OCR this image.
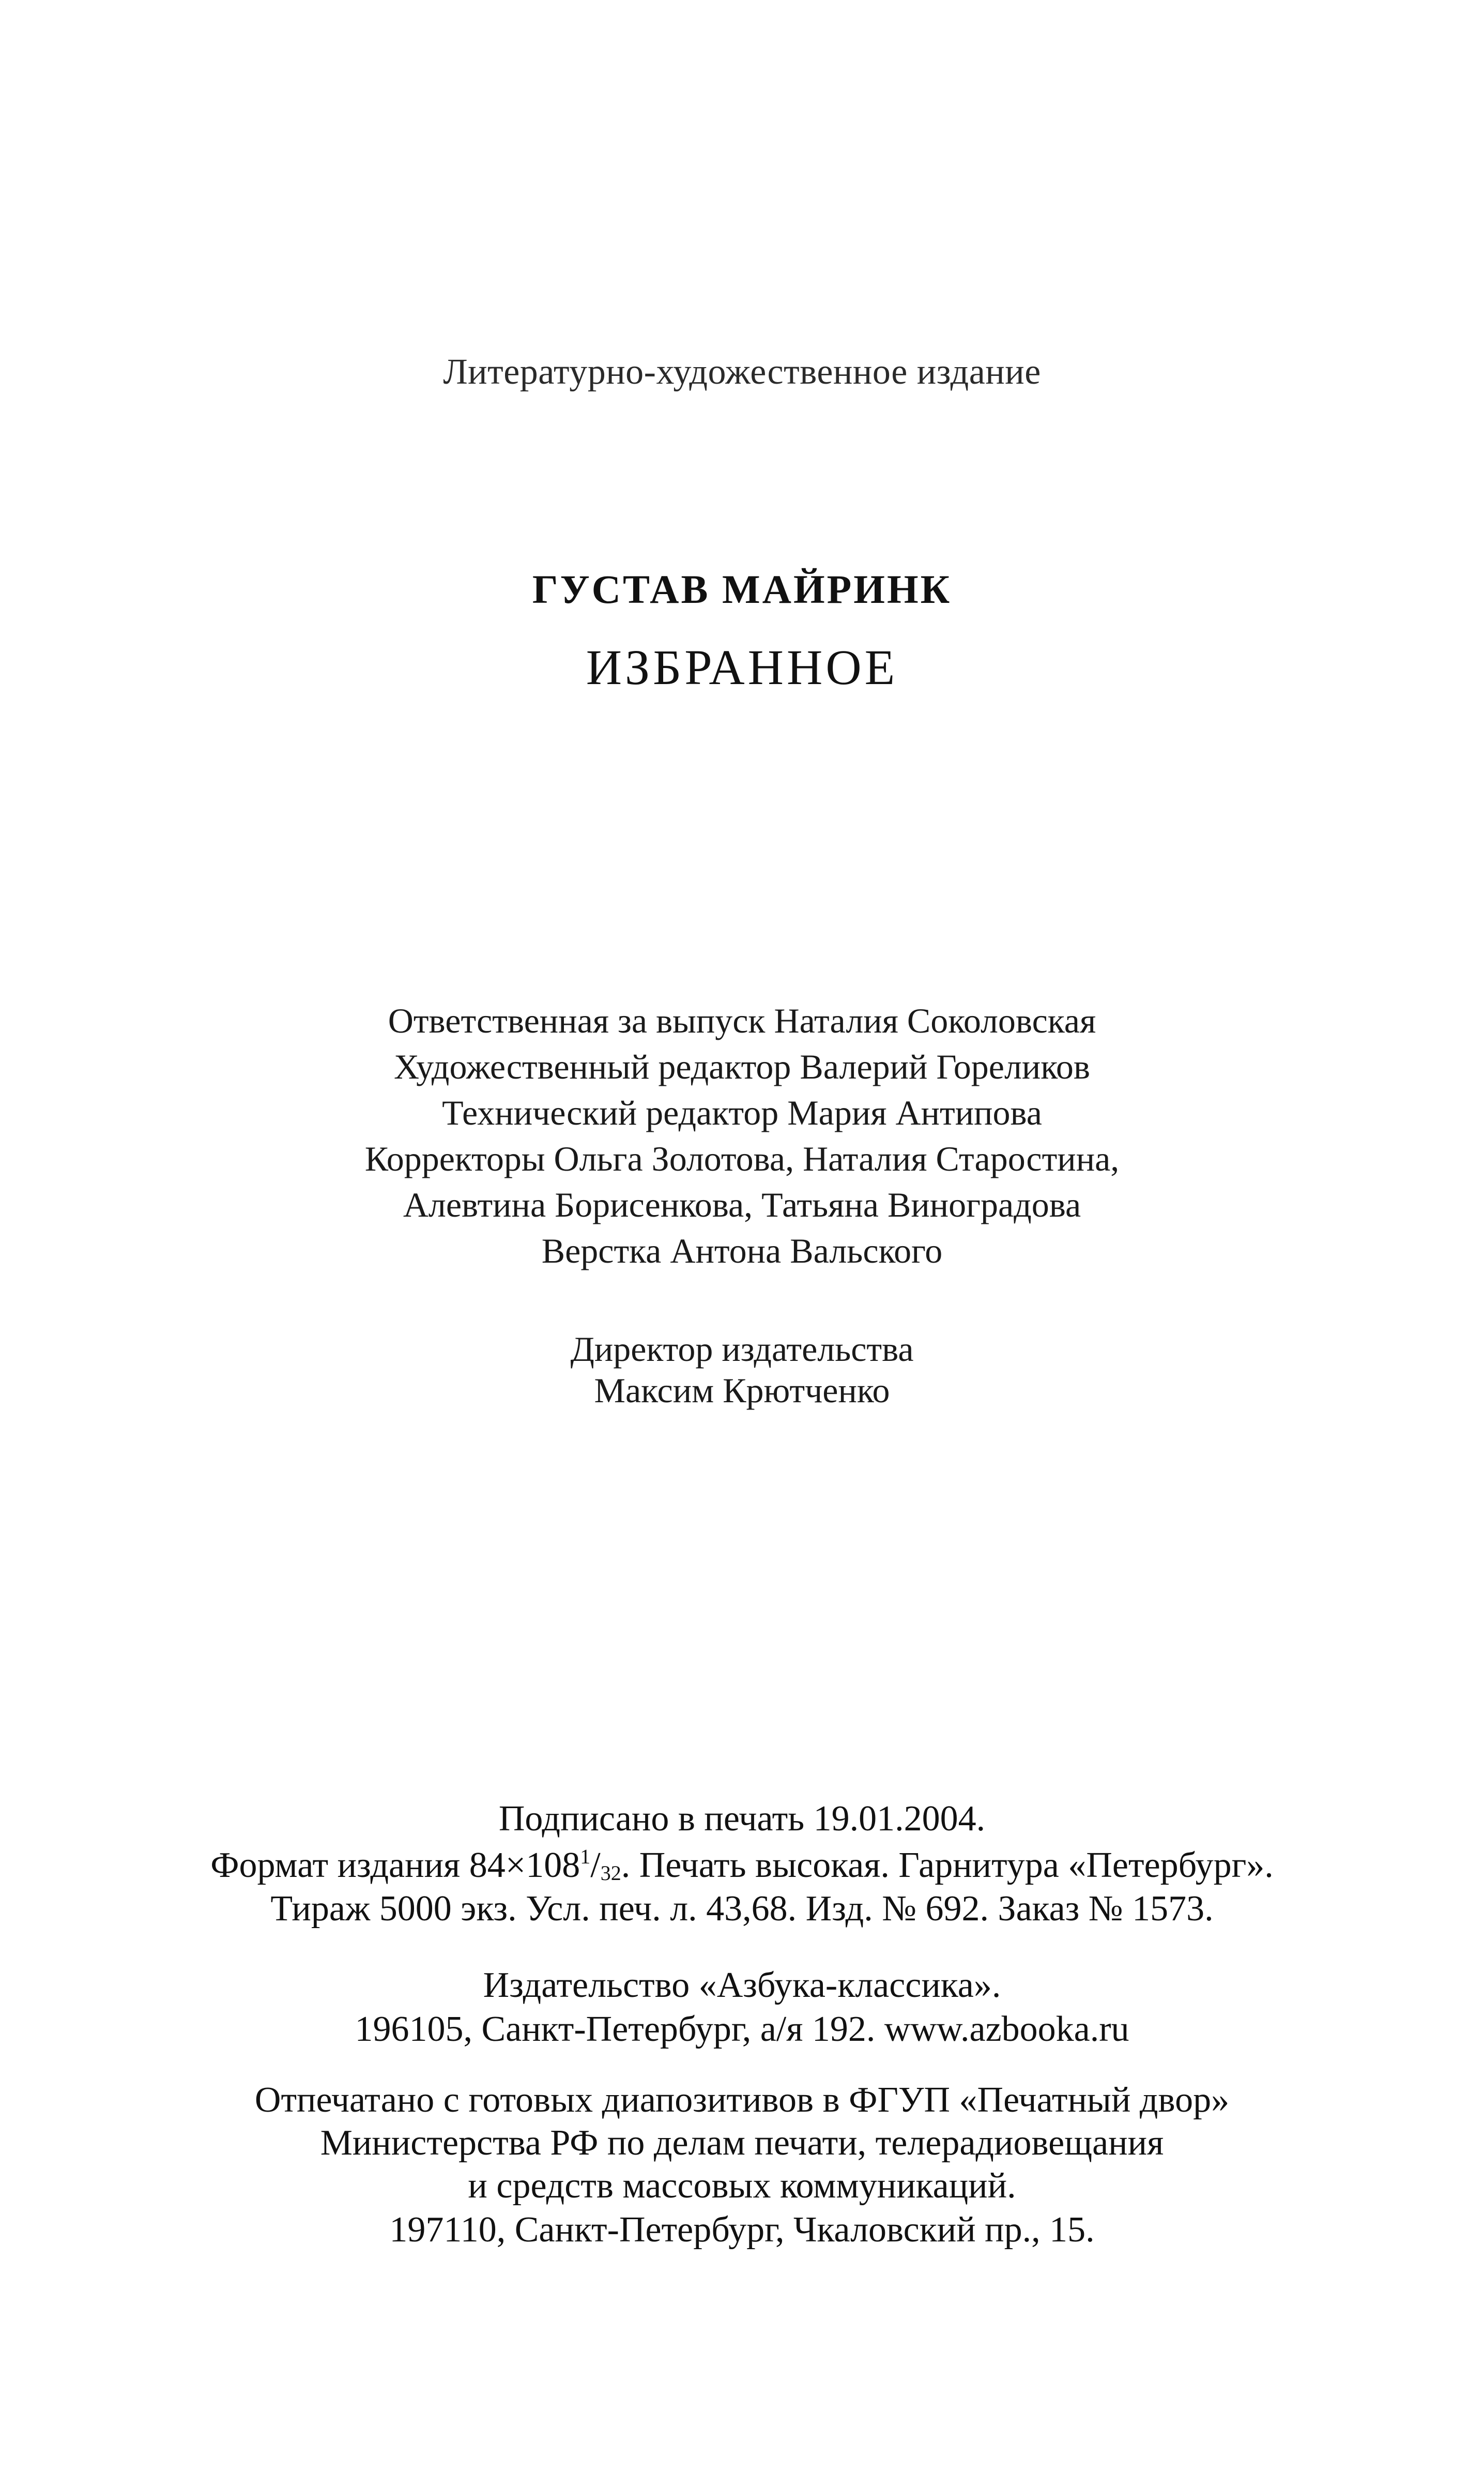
Литературно-художественное издание
ГУСТАВ МАЙРИНК
ИЗБРАННОЕ
Ответственная за выпуск Наталия Соколовская
Художественный редактор Валерий Гореликов
Технический редактор Мария Антипова
Корректоры Ольга Золотова, Наталия Старостина,
Алевтина Борисенкова, Татьяна Виноградова
Верстка Антона Вальского
Директор издательства
Максим Крютченко
Подписано в печать 19.01.2004.
Формат издания $84\times 108^1/_{32}$. Печать высокая. Гарнитура «Петербург».
Тираж 5000 экз. Усл. печ. л. 43,68. Изд. № 692. Заказ № 1573.
Издательство «Азбука-классика».
196105, Санкт-Петербург, а/я 192. www.azbooka.ru
Отпечатано с готовых диапозитивов в ФГУП «Печатный двор»
Министерства РФ по делам печати, телерадиовещания
и средств массовых коммуникаций.
197110, Санкт-Петербург, Чкаловский пр., 15.
